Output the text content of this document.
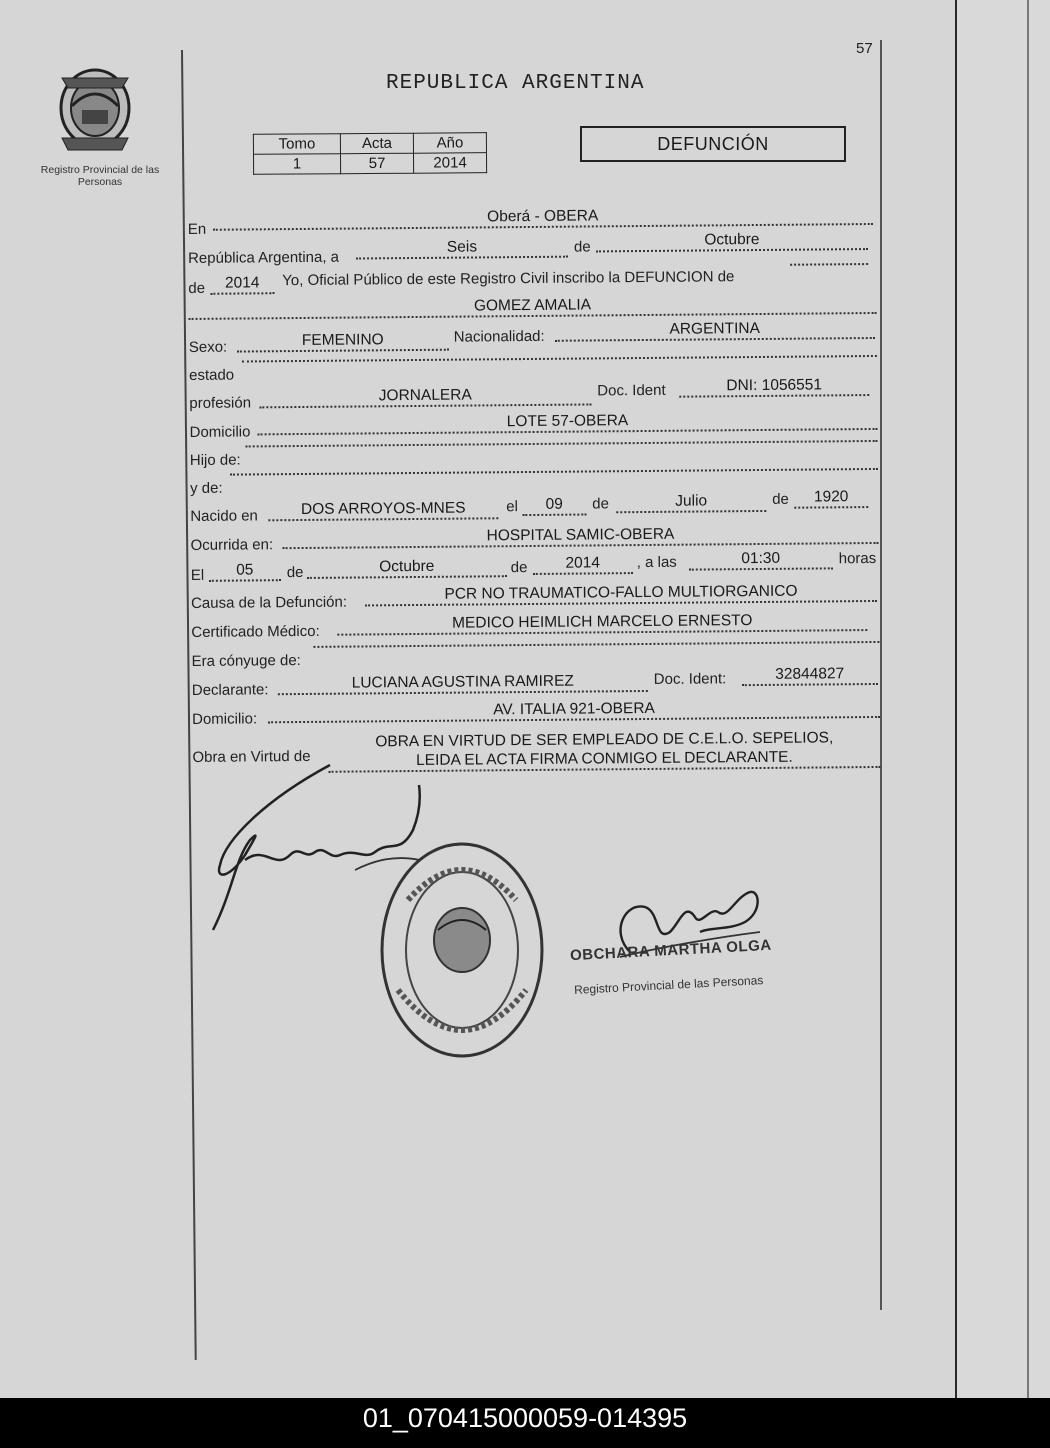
Registro Provincial de las Personas
57
REPUBLICA ARGENTINA
Tomo	Acta	Año
1	57	2014
DEFUNCIÓN
En
Oberá - OBERA
República Argentina, a
Seis	de	Octubre
de	2014	Yo, Oficial Público de este Registro Civil inscribo la DEFUNCION de
GOMEZ AMALIA
Sexo:	FEMENINO	Nacionalidad:	ARGENTINA
estado
profesión	JORNALERA	Doc. Ident	DNI: 1056551
Domicilio
LOTE 57-OBERA
Hijo de:
y de:
Nacido en	DOS ARROYOS-MNES	el	09	de	Julio	de	1920
Ocurrida en:
HOSPITAL SAMIC-OBERA
El	05	de	Octubre	de	2014	, a las	01:30	horas
Causa de la Defunción:
PCR NO TRAUMATICO-FALLO MULTIORGANICO
Certificado Médico:
MEDICO HEIMLICH MARCELO ERNESTO
Era cónyuge de:
Declarante:	LUCIANA AGUSTINA RAMIREZ	Doc. Ident:	32844827
Domicilio:
AV. ITALIA 921-OBERA
Obra en Virtud de
OBRA EN VIRTUD DE SER EMPLEADO DE C.E.L.O. SEPELIOS,
LEIDA EL ACTA FIRMA CONMIGO EL DECLARANTE.
OBCHARA MARTHA OLGA
Registro Provincial de las Personas
01_070415000059-014395
